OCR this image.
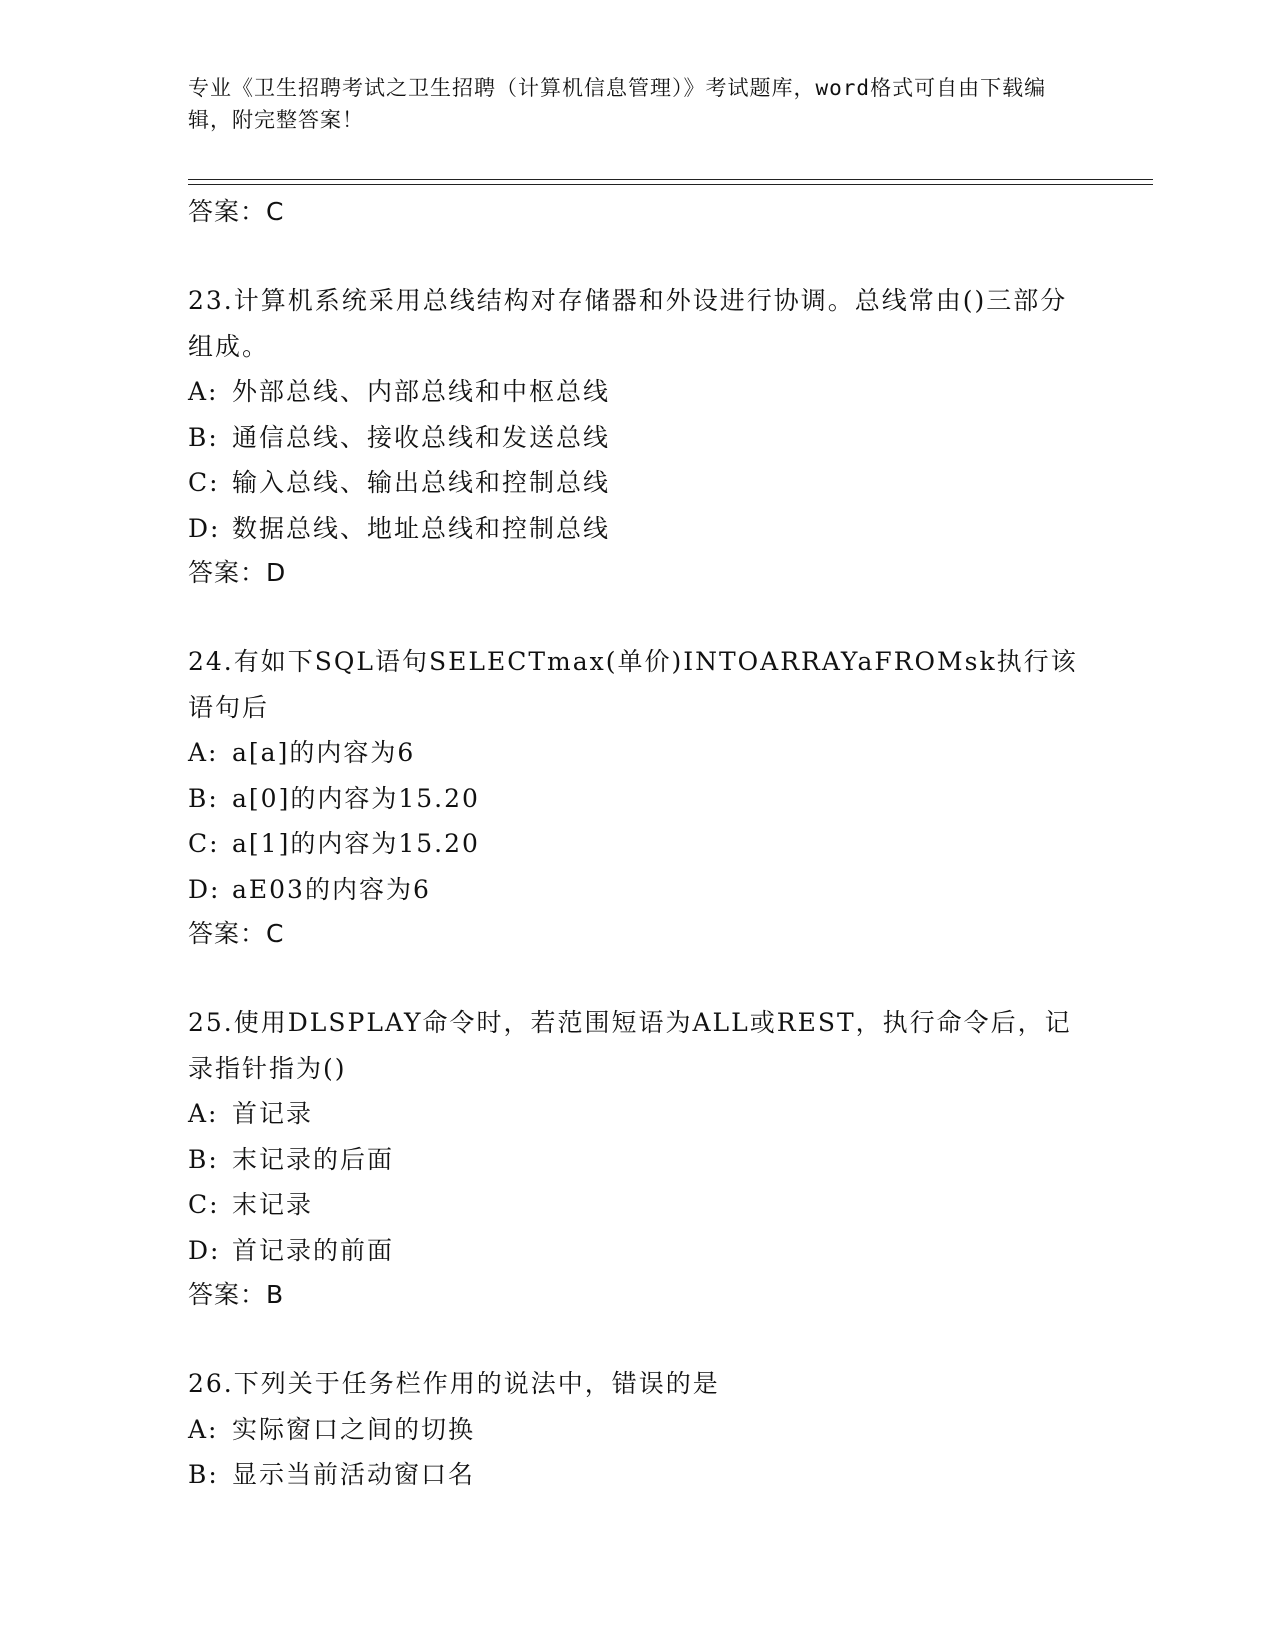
专业《卫生招聘考试之卫生招聘（计算机信息管理）》考试题库，word格式可自由下载编辑，附完整答案！
答案：C
23.计算机系统采用总线结构对存储器和外设进行协调。总线常由()三部分组成。
A: 外部总线、内部总线和中枢总线
B: 通信总线、接收总线和发送总线
C: 输入总线、输出总线和控制总线
D: 数据总线、地址总线和控制总线
答案：D
24.有如下SQL语句SELECTmax(单价)INTOARRAYaFROMsk执行该语句后
A: a[a]的内容为6
B: a[0]的内容为15.20
C: a[1]的内容为15.20
D: aE03的内容为6
答案：C
25.使用DLSPLAY命令时，若范围短语为ALL或REST，执行命令后，记录指针指为()
A: 首记录
B: 末记录的后面
C: 末记录
D: 首记录的前面
答案：B
26.下列关于任务栏作用的说法中，错误的是
A: 实际窗口之间的切换
B: 显示当前活动窗口名
